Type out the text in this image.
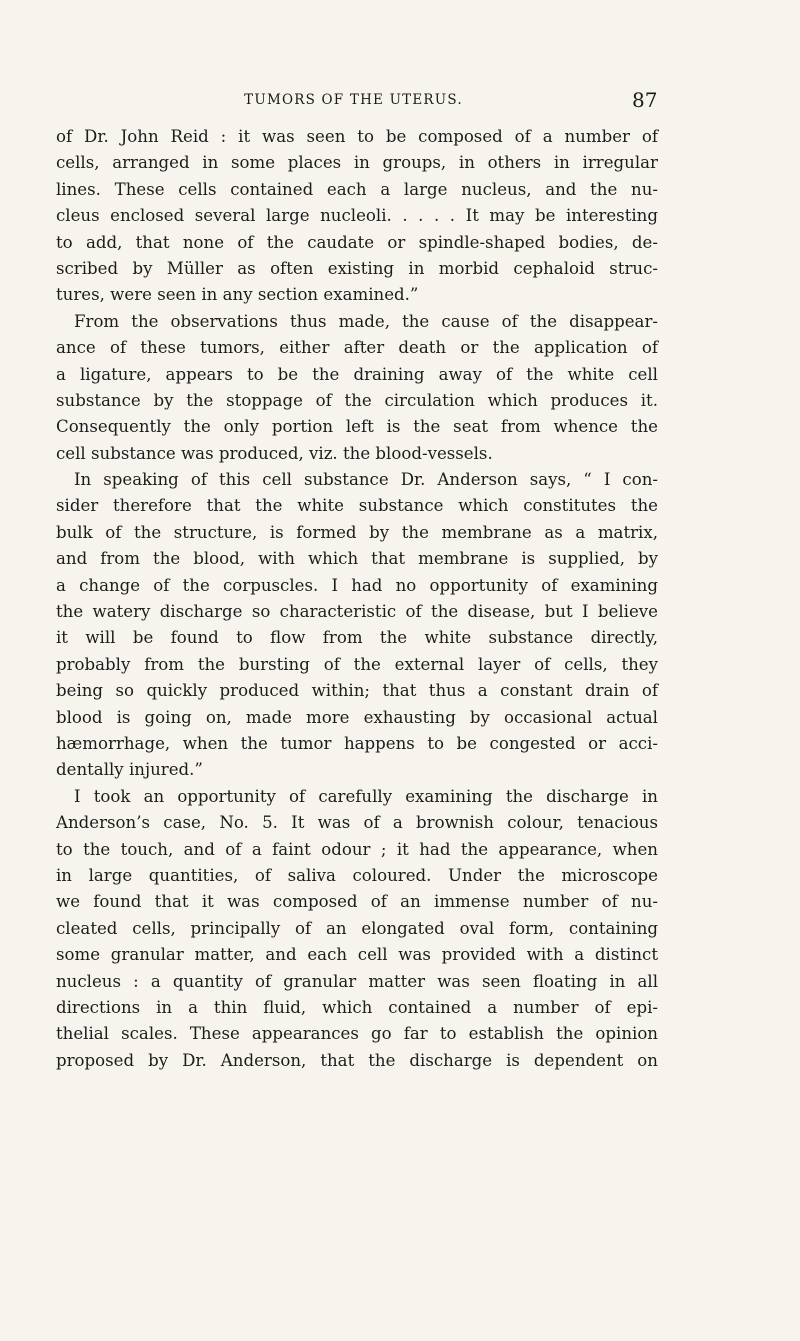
TUMORS OF THE UTERUS.	87
of Dr. John Reid : it was seen to be composed of a number of
cells, arranged in some places in groups, in others in irregular
lines. These cells contained each a large nucleus, and the nu-
cleus enclosed several large nucleoli. . . . . It may be interesting
to add, that none of the caudate or spindle-shaped bodies, de-
scribed by Müller as often existing in morbid cephaloid struc-
tures, were seen in any section examined.”
From the observations thus made, the cause of the disappear-
ance of these tumors, either after death or the application of
a ligature, appears to be the draining away of the white cell
substance by the stoppage of the circulation which produces it.
Consequently the only portion left is the seat from whence the
cell substance was produced, viz. the blood-vessels.
In speaking of this cell substance Dr. Anderson says, “ I con-
sider therefore that the white substance which constitutes the
bulk of the structure, is formed by the membrane as a matrix,
and from the blood, with which that membrane is supplied, by
a change of the corpuscles. I had no opportunity of examining
the watery discharge so characteristic of the disease, but I believe
it will be found to flow from the white substance directly,
probably from the bursting of the external layer of cells, they
being so quickly produced within; that thus a constant drain of
blood is going on, made more exhausting by occasional actual
hæmorrhage, when the tumor happens to be congested or acci-
dentally injured.”
I took an opportunity of carefully examining the discharge in
Anderson’s case, No. 5. It was of a brownish colour, tenacious
to the touch, and of a faint odour ; it had the appearance, when
in large quantities, of saliva coloured. Under the microscope
we found that it was composed of an immense number of nu-
cleated cells, principally of an elongated oval form, containing
some granular matter, and each cell was provided with a distinct
nucleus : a quantity of granular matter was seen floating in all
directions in a thin fluid, which contained a number of epi-
thelial scales. These appearances go far to establish the opinion
proposed by Dr. Anderson, that the discharge is dependent on
